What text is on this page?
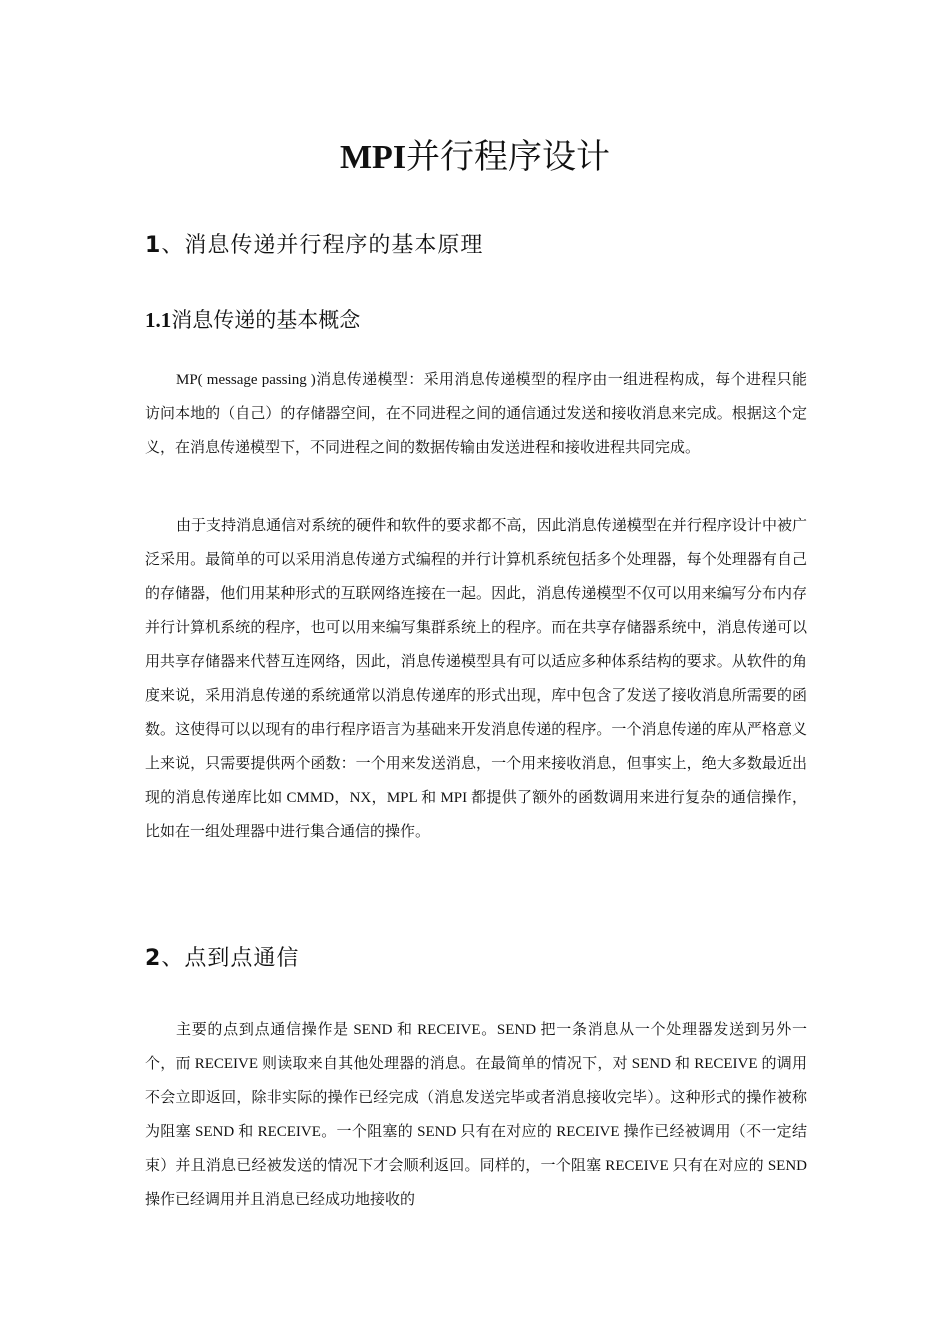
MPI并行程序设计
1、消息传递并行程序的基本原理
1.1消息传递的基本概念

MP( message passing )消息传递模型：采用消息传递模型的程序由一组进程构成，每个进程只能访问本地的（自己）的存储器空间，在不同进程之间的通信通过发送和接收消息来完成。根据这个定义，在消息传递模型下，不同进程之间的数据传输由发送进程和接收进程共同完成。

由于支持消息通信对系统的硬件和软件的要求都不高，因此消息传递模型在并行程序设计中被广泛采用。最简单的可以采用消息传递方式编程的并行计算机系统包括多个处理器，每个处理器有自己的存储器，他们用某种形式的互联网络连接在一起。因此，消息传递模型不仅可以用来编写分布内存并行计算机系统的程序，也可以用来编写集群系统上的程序。而在共享存储器系统中，消息传递可以用共享存储器来代替互连网络，因此，消息传递模型具有可以适应多种体系结构的要求。从软件的角度来说，采用消息传递的系统通常以消息传递库的形式出现，库中包含了发送了接收消息所需要的函数。这使得可以以现有的串行程序语言为基础来开发消息传递的程序。一个消息传递的库从严格意义上来说，只需要提供两个函数：一个用来发送消息，一个用来接收消息，但事实上，绝大多数最近出现的消息传递库比如 CMMD，NX，MPL 和 MPI 都提供了额外的函数调用来进行复杂的通信操作，比如在一组处理器中进行集合通信的操作。

2、点到点通信

主要的点到点通信操作是 SEND 和 RECEIVE。SEND 把一条消息从一个处理器发送到另外一个，而 RECEIVE 则读取来自其他处理器的消息。在最简单的情况下，对 SEND 和 RECEIVE 的调用不会立即返回，除非实际的操作已经完成（消息发送完毕或者消息接收完毕）。这种形式的操作被称为阻塞 SEND 和 RECEIVE。一个阻塞的 SEND 只有在对应的 RECEIVE 操作已经被调用（不一定结束）并且消息已经被发送的情况下才会顺利返回。同样的，一个阻塞 RECEIVE 只有在对应的 SEND 操作已经调用并且消息已经成功地接收的
